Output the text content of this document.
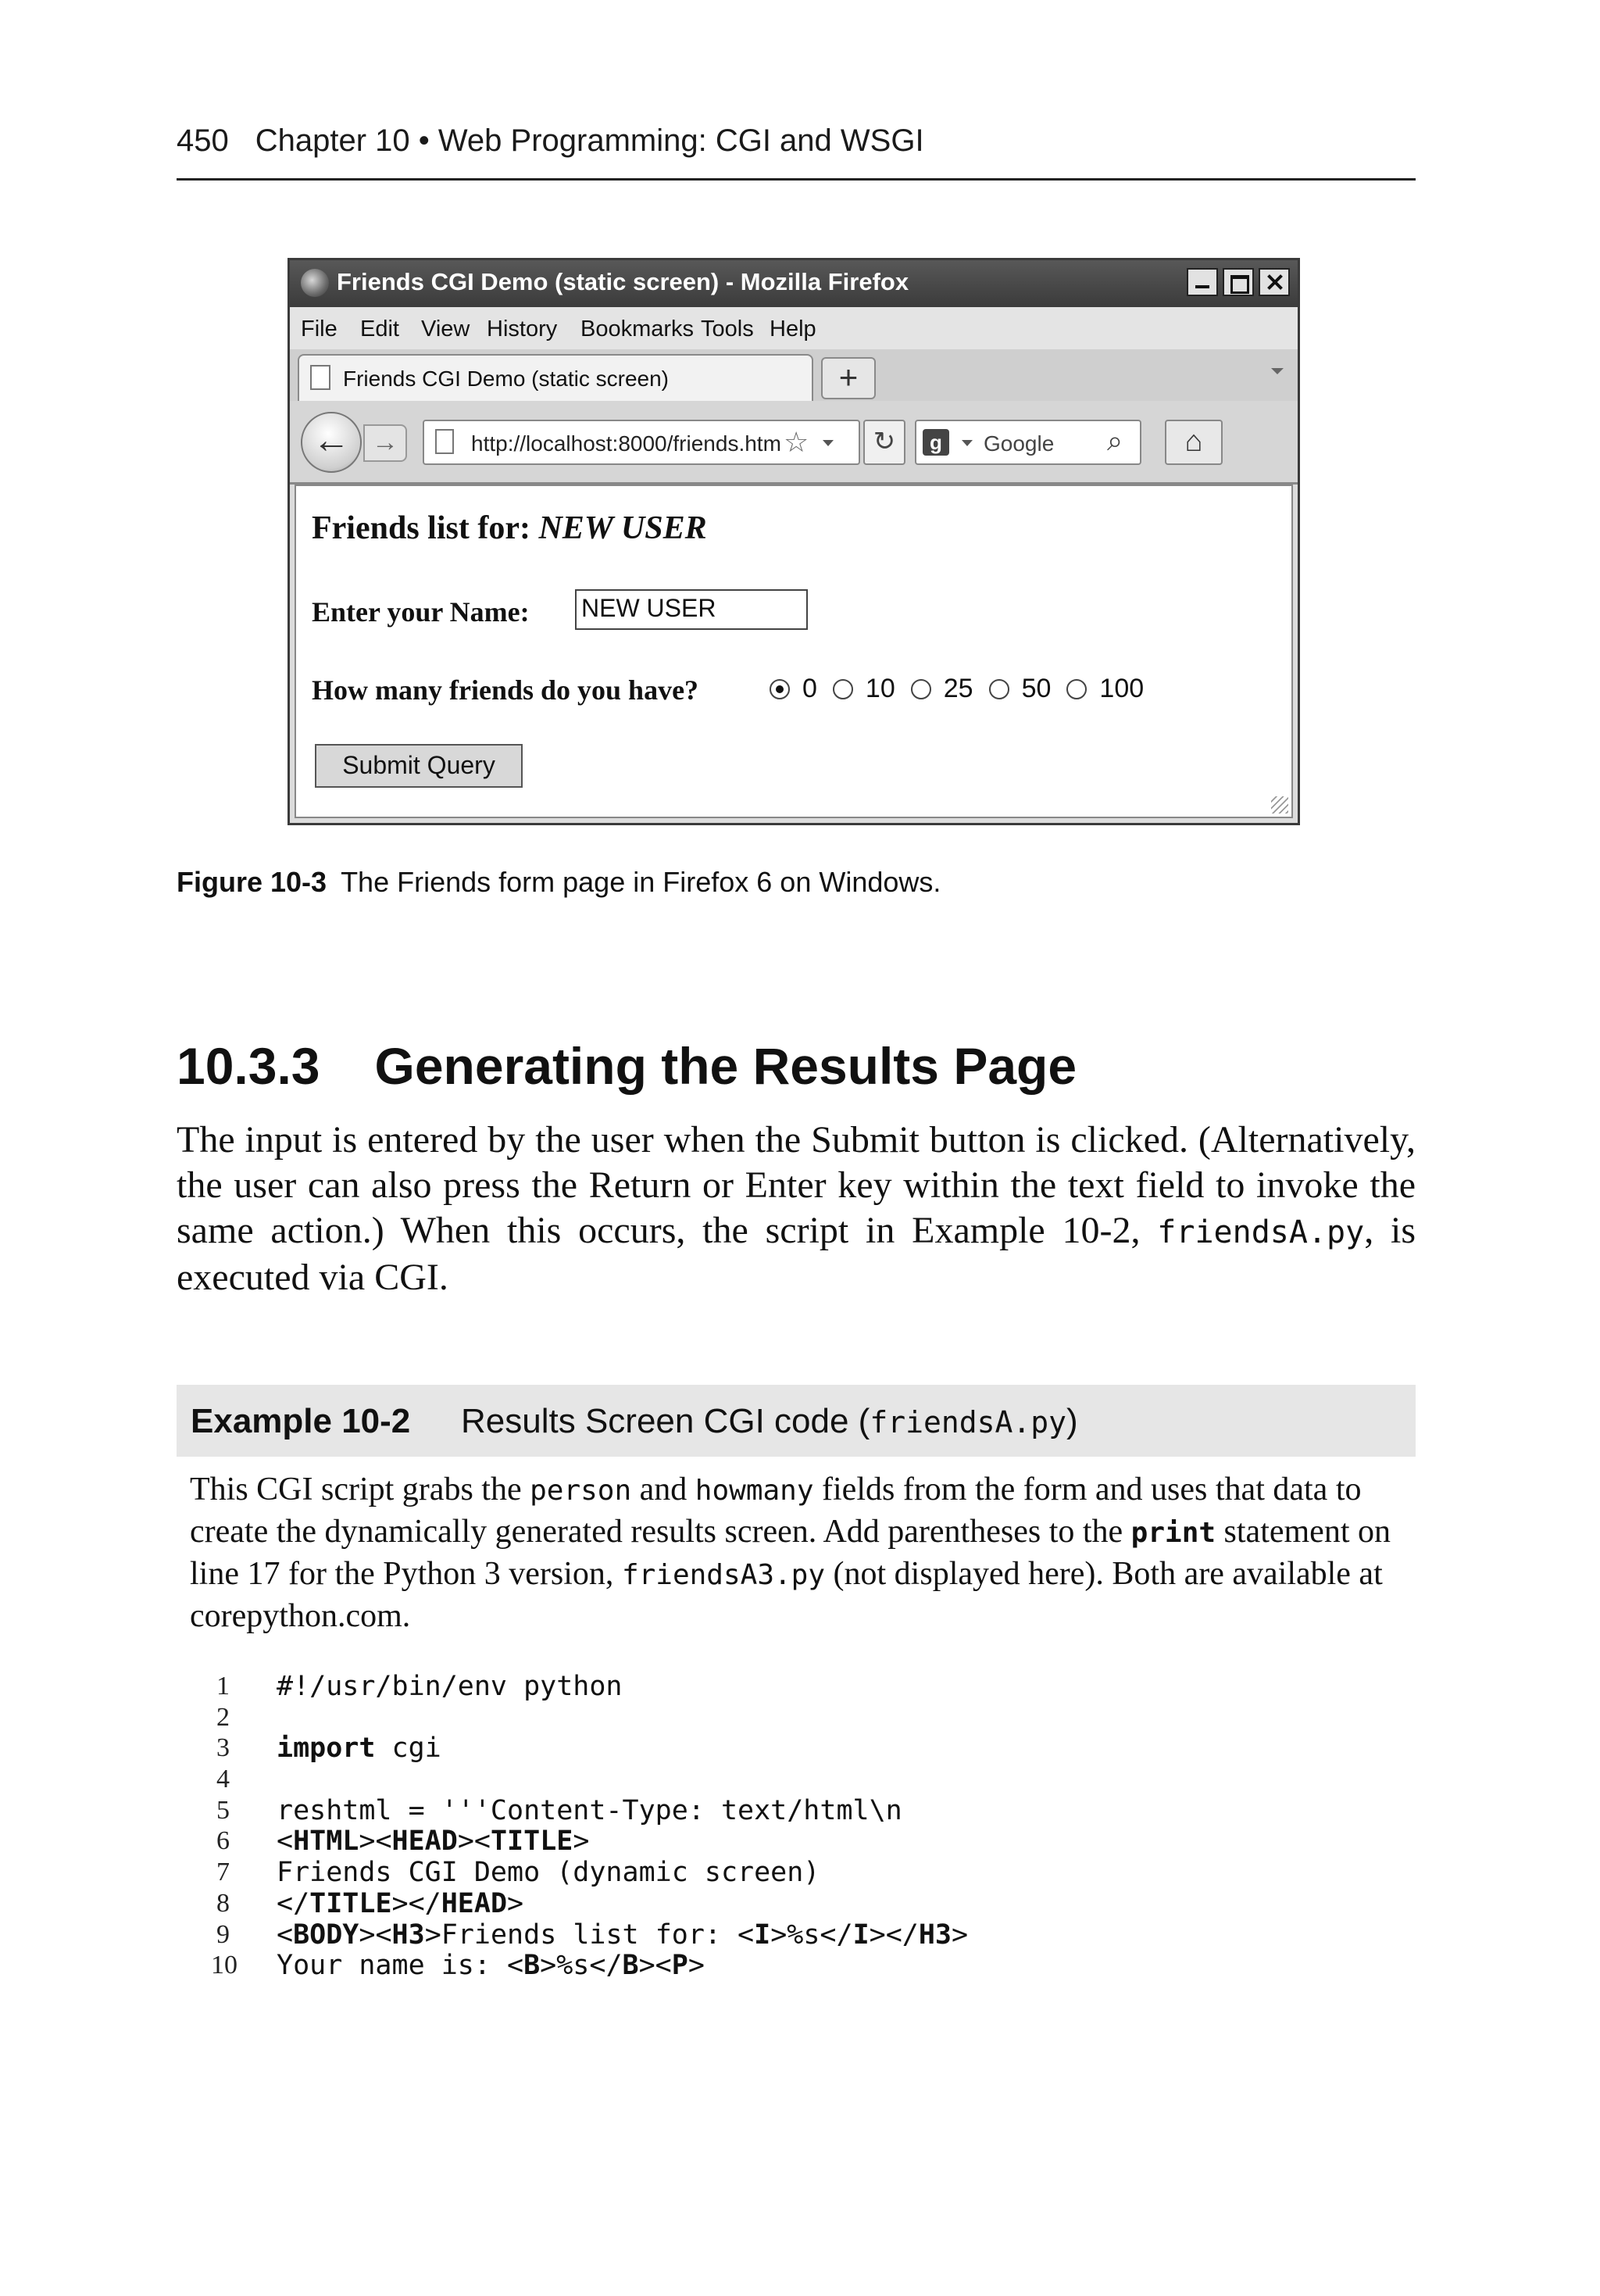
450 Chapter 10 • Web Programming: CGI and WSGI
Friends CGI Demo (static screen) - Mozilla Firefox
File Edit View History Bookmarks Tools Help
Friends CGI Demo (static screen)	+
← →	http://localhost:8000/friends.htm ☆	↻	g	Google ⌕	⌂
Friends list for: NEW USER
Enter your Name: NEW USER
How many friends do you have?	0 10 25 50 100
Submit Query
Figure 10-3 The Friends form page in Firefox 6 on Windows.
10.3.3 Generating the Results Page
The input is entered by the user when the Submit button is clicked. (Alternatively, the user can also press the Return or Enter key within the text field to invoke the same action.) When this occurs, the script in Example 10-2, friendsA.py, is executed via CGI.
Example 10-2 Results Screen CGI code (friendsA.py)
This CGI script grabs the person and howmany fields from the form and uses that data to create the dynamically generated results screen. Add parentheses to the print statement on line 17 for the Python 3 version, friendsA3.py (not displayed here). Both are available at corepython.com.
1 #!/usr/bin/env python
2
3 import cgi
4
5 reshtml = '''Content-Type: text/html\n
6 <HTML><HEAD><TITLE>
7 Friends CGI Demo (dynamic screen)
8 </TITLE></HEAD>
9 <BODY><H3>Friends list for: <I>%s</I></H3>
10 Your name is: <B>%s</B><P>
